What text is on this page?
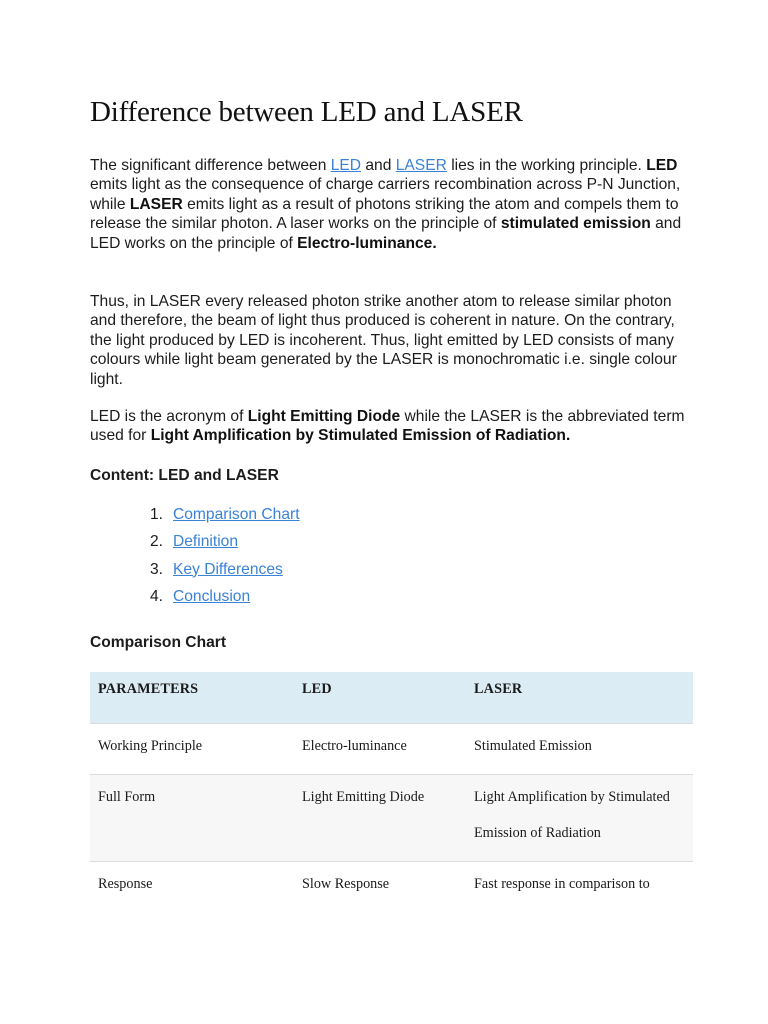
Difference between LED and LASER

The significant difference between LED and LASER lies in the working principle. LED emits light as the consequence of charge carriers recombination across P-N Junction, while LASER emits light as a result of photons striking the atom and compels them to release the similar photon. A laser works on the principle of stimulated emission and LED works on the principle of Electro-luminance.

Thus, in LASER every released photon strike another atom to release similar photon and therefore, the beam of light thus produced is coherent in nature. On the contrary, the light produced by LED is incoherent. Thus, light emitted by LED consists of many colours while light beam generated by the LASER is monochromatic i.e. single colour light.

LED is the acronym of Light Emitting Diode while the LASER is the abbreviated term used for Light Amplification by Stimulated Emission of Radiation.

Content: LED and LASER
1. Comparison Chart
2. Definition
3. Key Differences
4. Conclusion
Comparison Chart
PARAMETERS	LED	LASER

Working Principle	Electro-luminance	Stimulated Emission

Full Form	Light Emitting Diode	Light Amplification by Stimulated Emission of Radiation

Response	Slow Response	Fast response in comparison to
